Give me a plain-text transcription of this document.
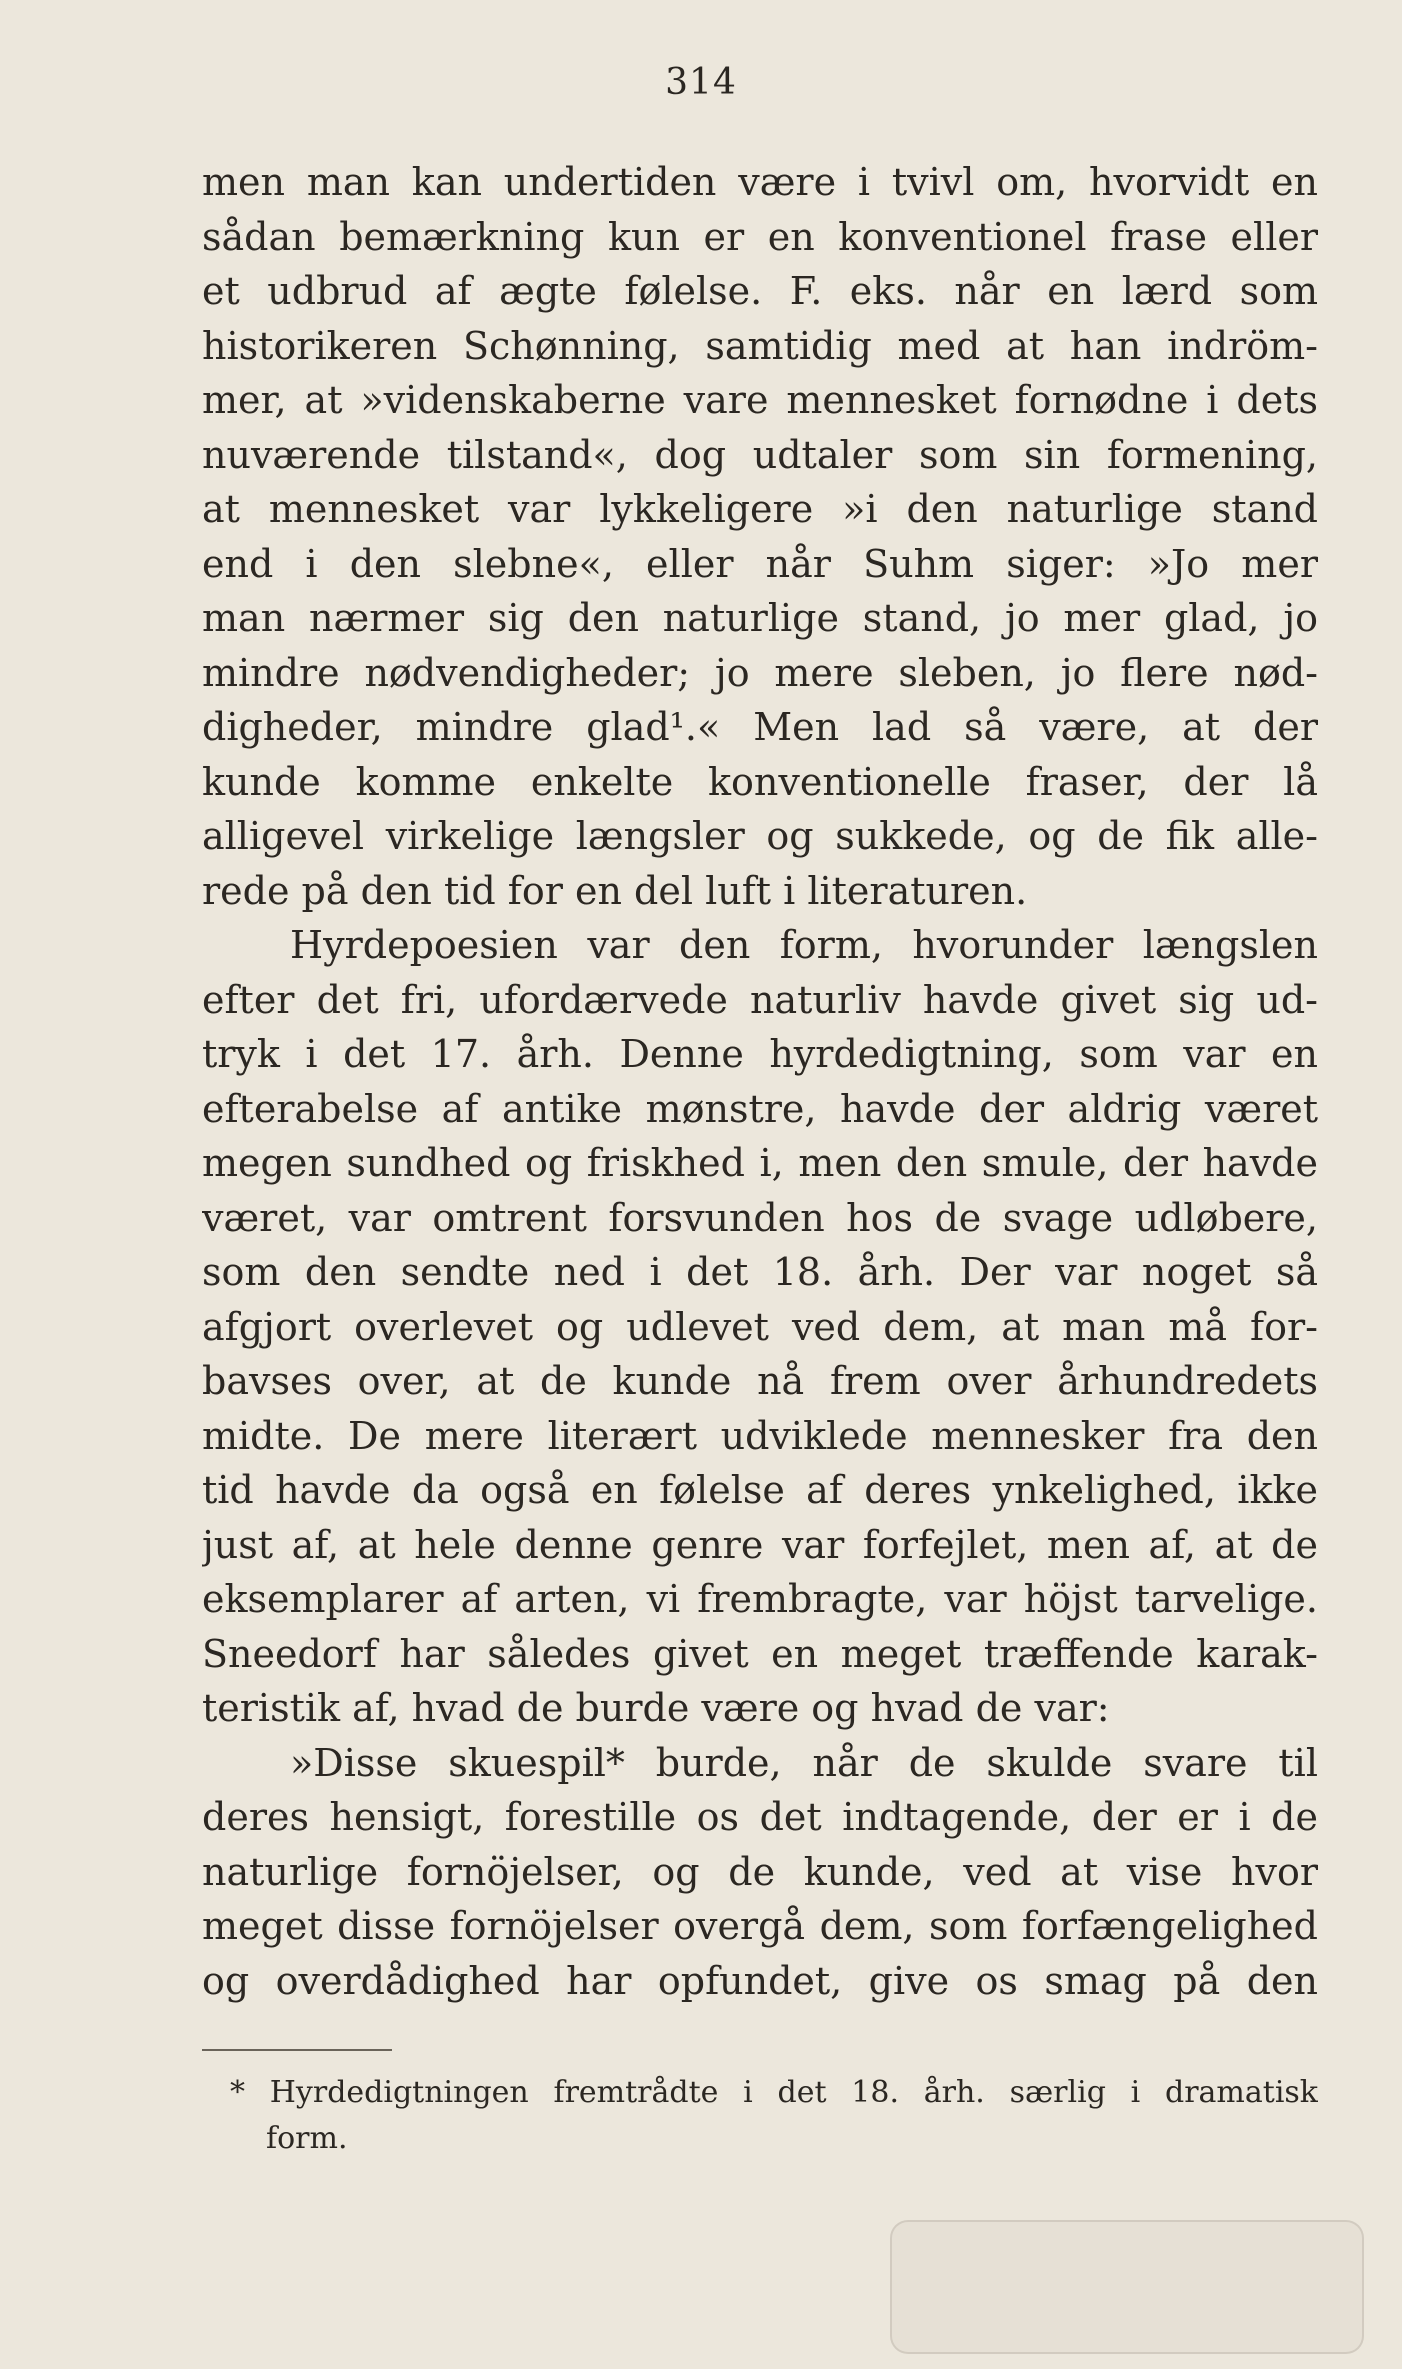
314
men man kan undertiden være i tvivl om, hvorvidt en
sådan bemærkning kun er en konventionel frase eller
et udbrud af ægte følelse. F. eks. når en lærd som
historikeren Schønning, samtidig med at han indröm-
mer, at »videnskaberne vare mennesket fornødne i dets
nuværende tilstand«, dog udtaler som sin formening,
at mennesket var lykkeligere »i den naturlige stand
end i den slebne«, eller når Suhm siger: »Jo mer
man nærmer sig den naturlige stand, jo mer glad, jo
mindre nødvendigheder; jo mere sleben, jo flere nød-
digheder, mindre glad¹.« Men lad så være, at der
kunde komme enkelte konventionelle fraser, der lå
alligevel virkelige længsler og sukkede, og de fik alle-
rede på den tid for en del luft i literaturen.
Hyrdepoesien var den form, hvorunder længslen
efter det fri, ufordærvede naturliv havde givet sig ud-
tryk i det 17. årh. Denne hyrdedigtning, som var en
efterabelse af antike mønstre, havde der aldrig været
megen sundhed og friskhed i, men den smule, der havde
været, var omtrent forsvunden hos de svage udløbere,
som den sendte ned i det 18. årh. Der var noget så
afgjort overlevet og udlevet ved dem, at man må for-
bavses over, at de kunde nå frem over århundredets
midte. De mere literært udviklede mennesker fra den
tid havde da også en følelse af deres ynkelighed, ikke
just af, at hele denne genre var forfejlet, men af, at de
eksemplarer af arten, vi frembragte, var höjst tarvelige.
Sneedorf har således givet en meget træffende karak-
teristik af, hvad de burde være og hvad de var:
»Disse skuespil* burde, når de skulde svare til
deres hensigt, forestille os det indtagende, der er i de
naturlige fornöjelser, og de kunde, ved at vise hvor
meget disse fornöjelser overgå dem, som forfængelighed
og overdådighed har opfundet, give os smag på den
* Hyrdedigtningen fremtrådte i det 18. årh. særlig i dramatisk
form.
